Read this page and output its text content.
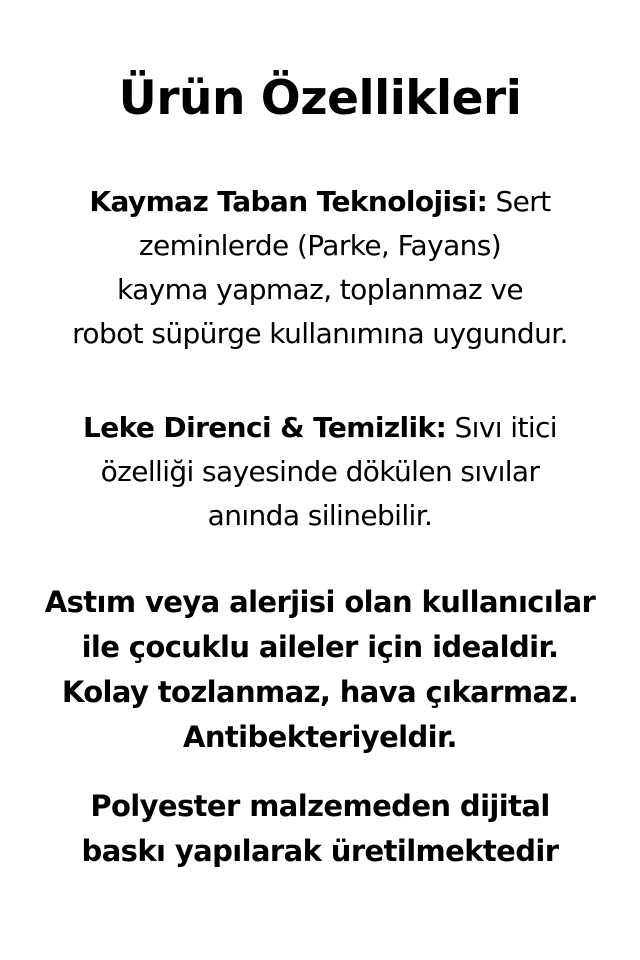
Ürün Özellikleri
Kaymaz Taban Teknolojisi: Sert
zeminlerde (Parke, Fayans)
kayma yapmaz, toplanmaz ve
robot süpürge kullanımına uygundur.
Leke Direnci & Temizlik: Sıvı itici
özelliği sayesinde dökülen sıvılar
anında silinebilir.
Astım veya alerjisi olan kullanıcılar
ile çocuklu aileler için idealdir.
Kolay tozlanmaz, hava çıkarmaz.
Antibekteriyeldir.
Polyester malzemeden dijital
baskı yapılarak üretilmektedir
